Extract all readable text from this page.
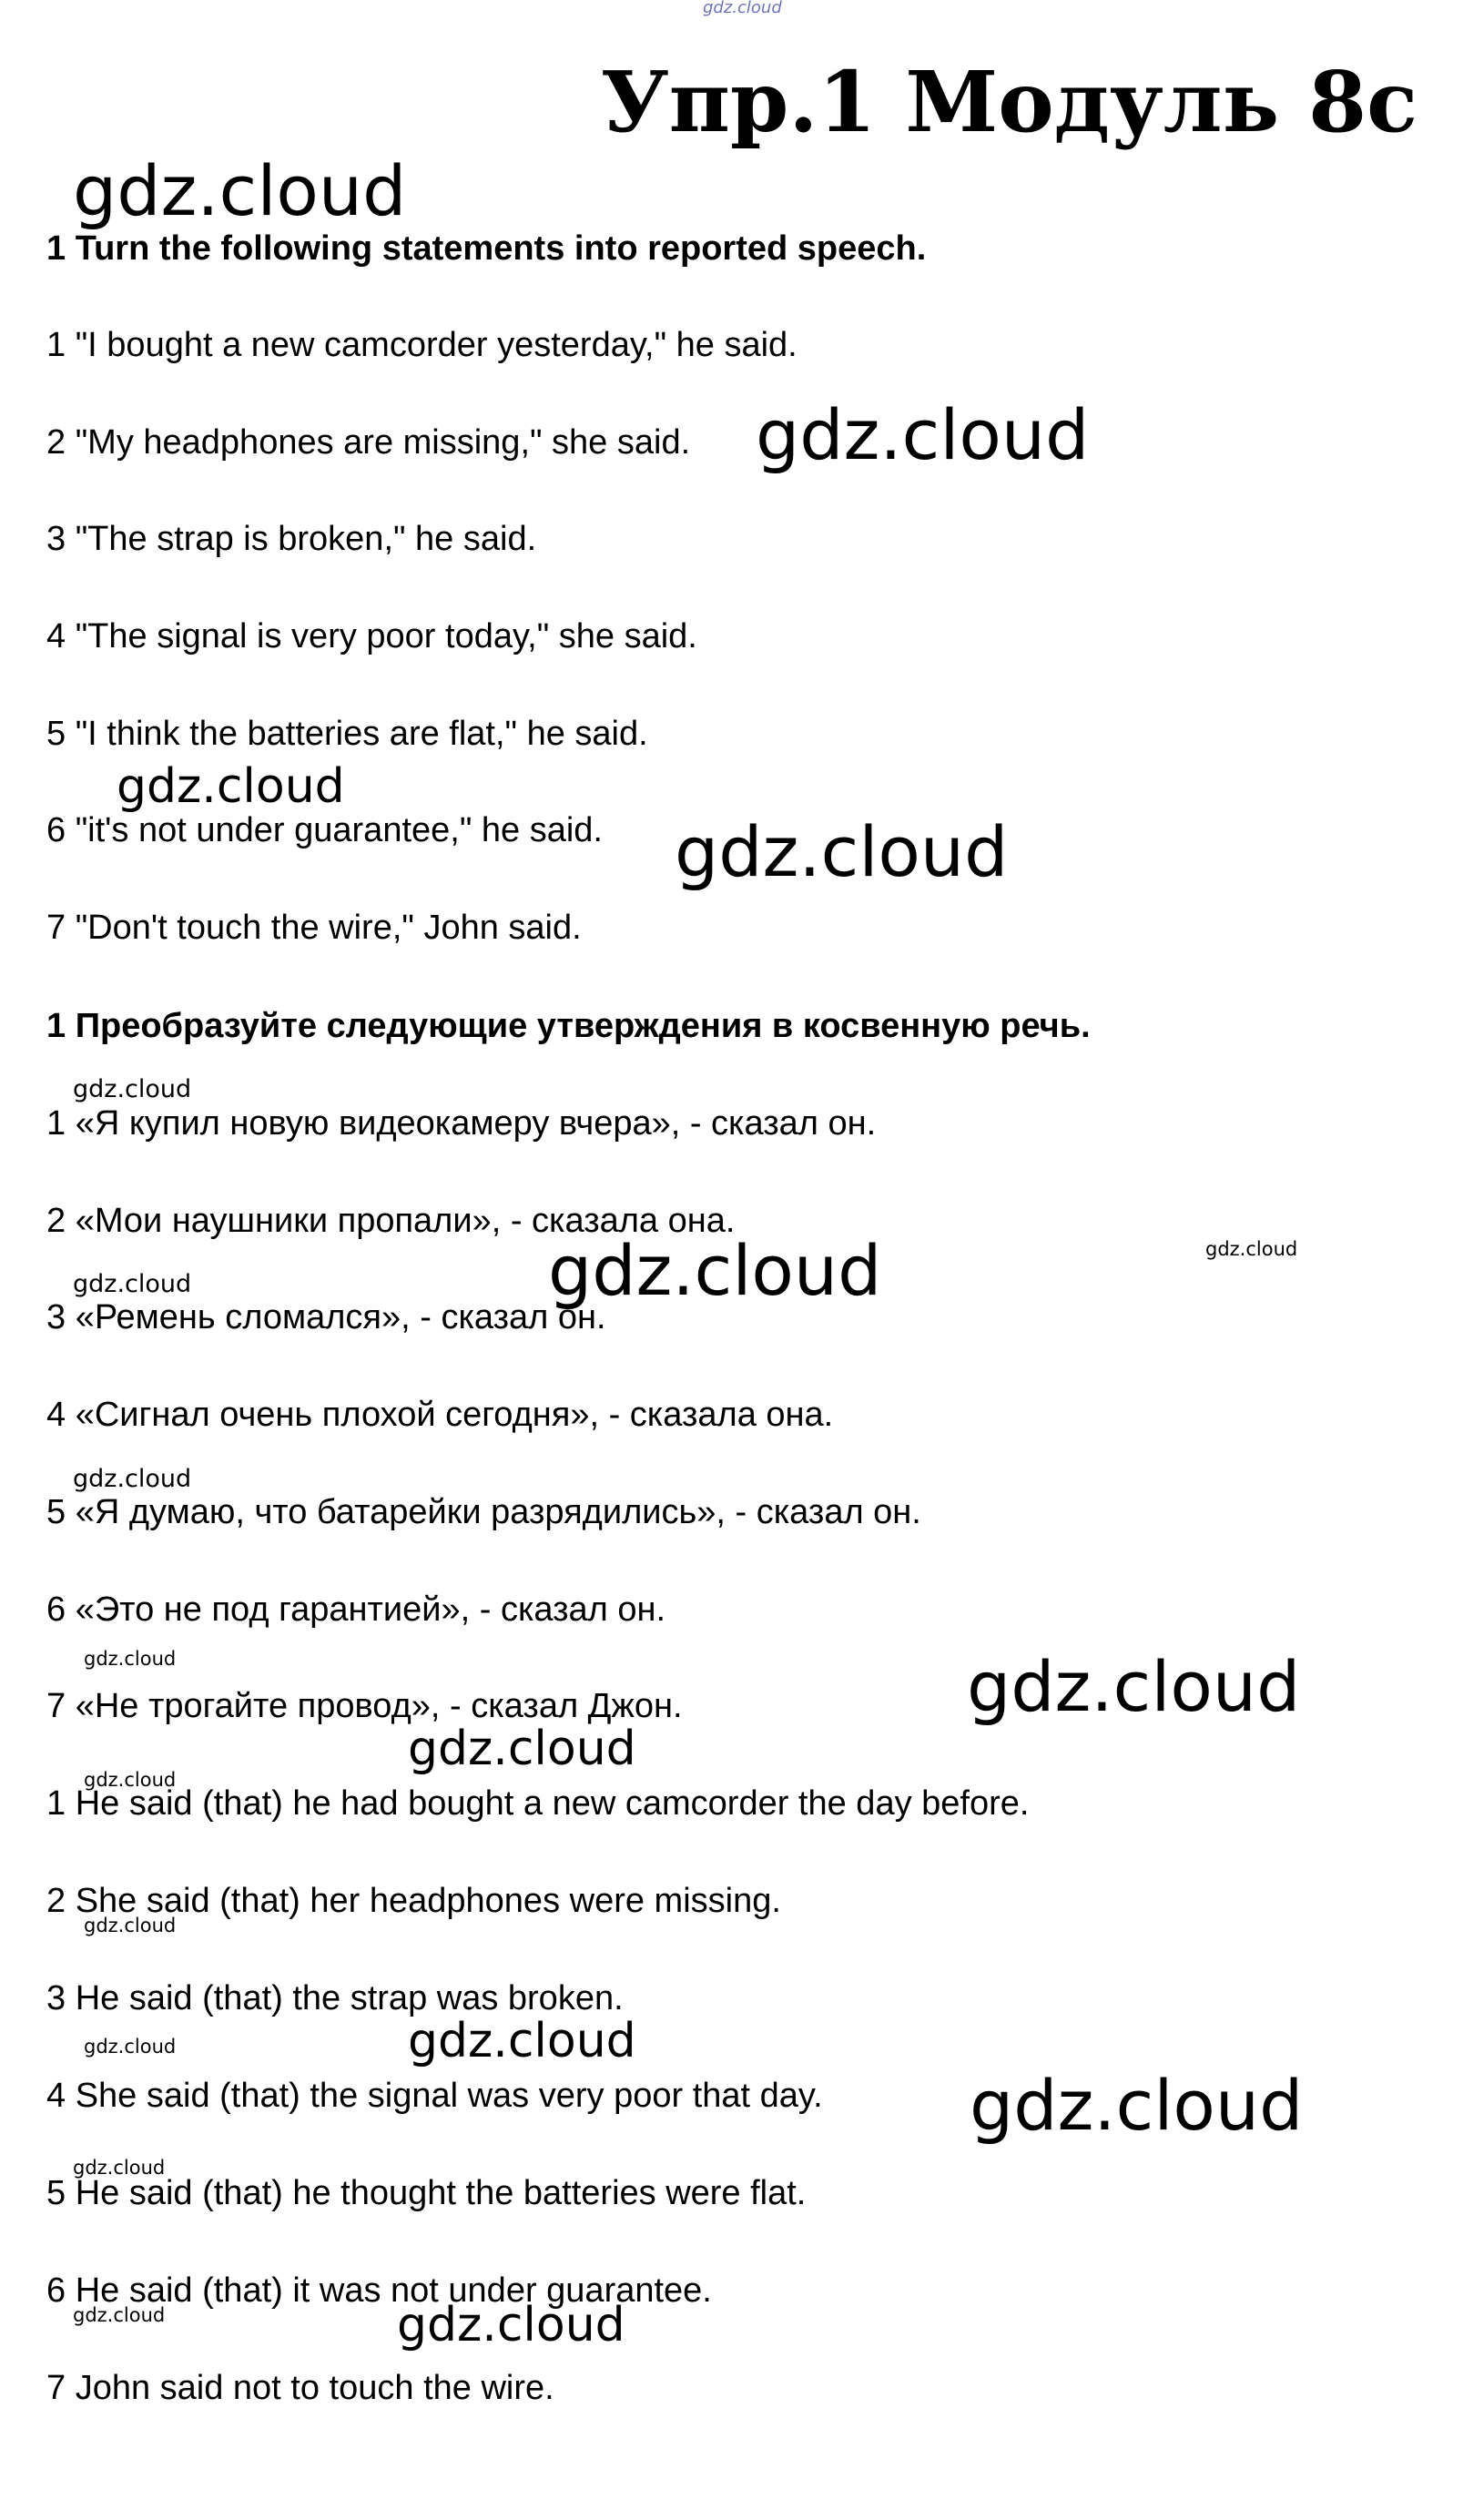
gdz.cloud
Упр.1 Модуль 8c
gdz.cloud
1 Turn the following statements into reported speech.
1 "I bought a new camcorder yesterday," he said.
2 "My headphones are missing," she said. gdz.cloud
3 "The strap is broken," he said.
4 "The signal is very poor today," she said.
5 "I think the batteries are flat," he said.
gdz.cloud
6 "it's not under guarantee," he said. gdz.cloud
7 "Don't touch the wire," John said.
1 Преобразуйте следующие утверждения в косвенную речь.
gdz.cloud
1 «Я купил новую видеокамеру вчера», - сказал он.
2 «Мои наушники пропали», - сказала она.
gdz.cloud
gdz.cloud
gdz.cloud
3 «Ремень сломался», - сказал он.
4 «Сигнал очень плохой сегодня», - сказала она.
gdz.cloud
5 «Я думаю, что батарейки разрядились», - сказал он.
6 «Это не под гарантией», - сказал он.
gdz.cloud	gdz.cloud
7 «Не трогайте провод», - сказал Джон.
gdz.cloud
gdz.cloud
1 He said (that) he had bought a new camcorder the day before.
2 She said (that) her headphones were missing.
gdz.cloud
3 He said (that) the strap was broken.
gdz.cloud	gdz.cloud
4 She said (that) the signal was very poor that day. gdz.cloud
gdz.cloud
5 He said (that) he thought the batteries were flat.
6 He said (that) it was not under guarantee.
gdz.cloud	gdz.cloud
7 John said not to touch the wire.
